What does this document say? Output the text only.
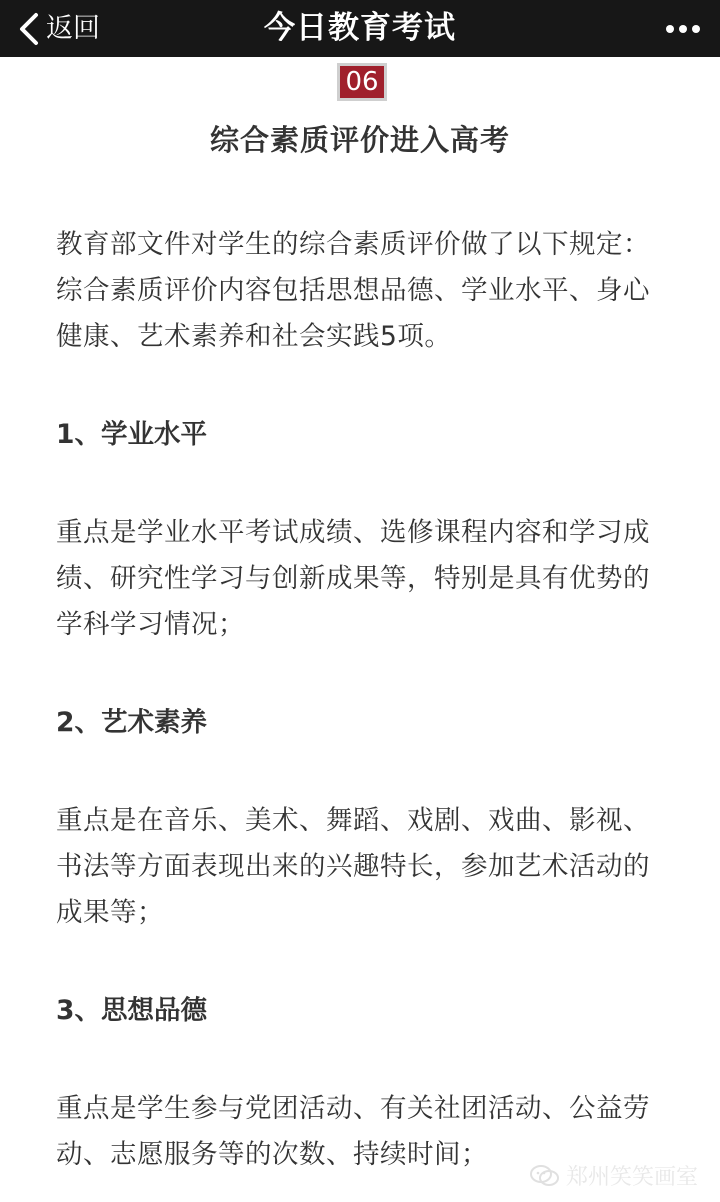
返回	今日教育考试
06
综合素质评价进入高考

教育部文件对学生的综合素质评价做了以下规定：综合素质评价内容包括思想品德、学业水平、身心健康、艺术素养和社会实践5项。

1、学业水平

重点是学业水平考试成绩、选修课程内容和学习成绩、研究性学习与创新成果等，特别是具有优势的学科学习情况；

2、艺术素养

重点是在音乐、美术、舞蹈、戏剧、戏曲、影视、书法等方面表现出来的兴趣特长，参加艺术活动的成果等；

3、思想品德

重点是学生参与党团活动、有关社团活动、公益劳动、志愿服务等的次数、持续时间；

郑州笑笑画室
